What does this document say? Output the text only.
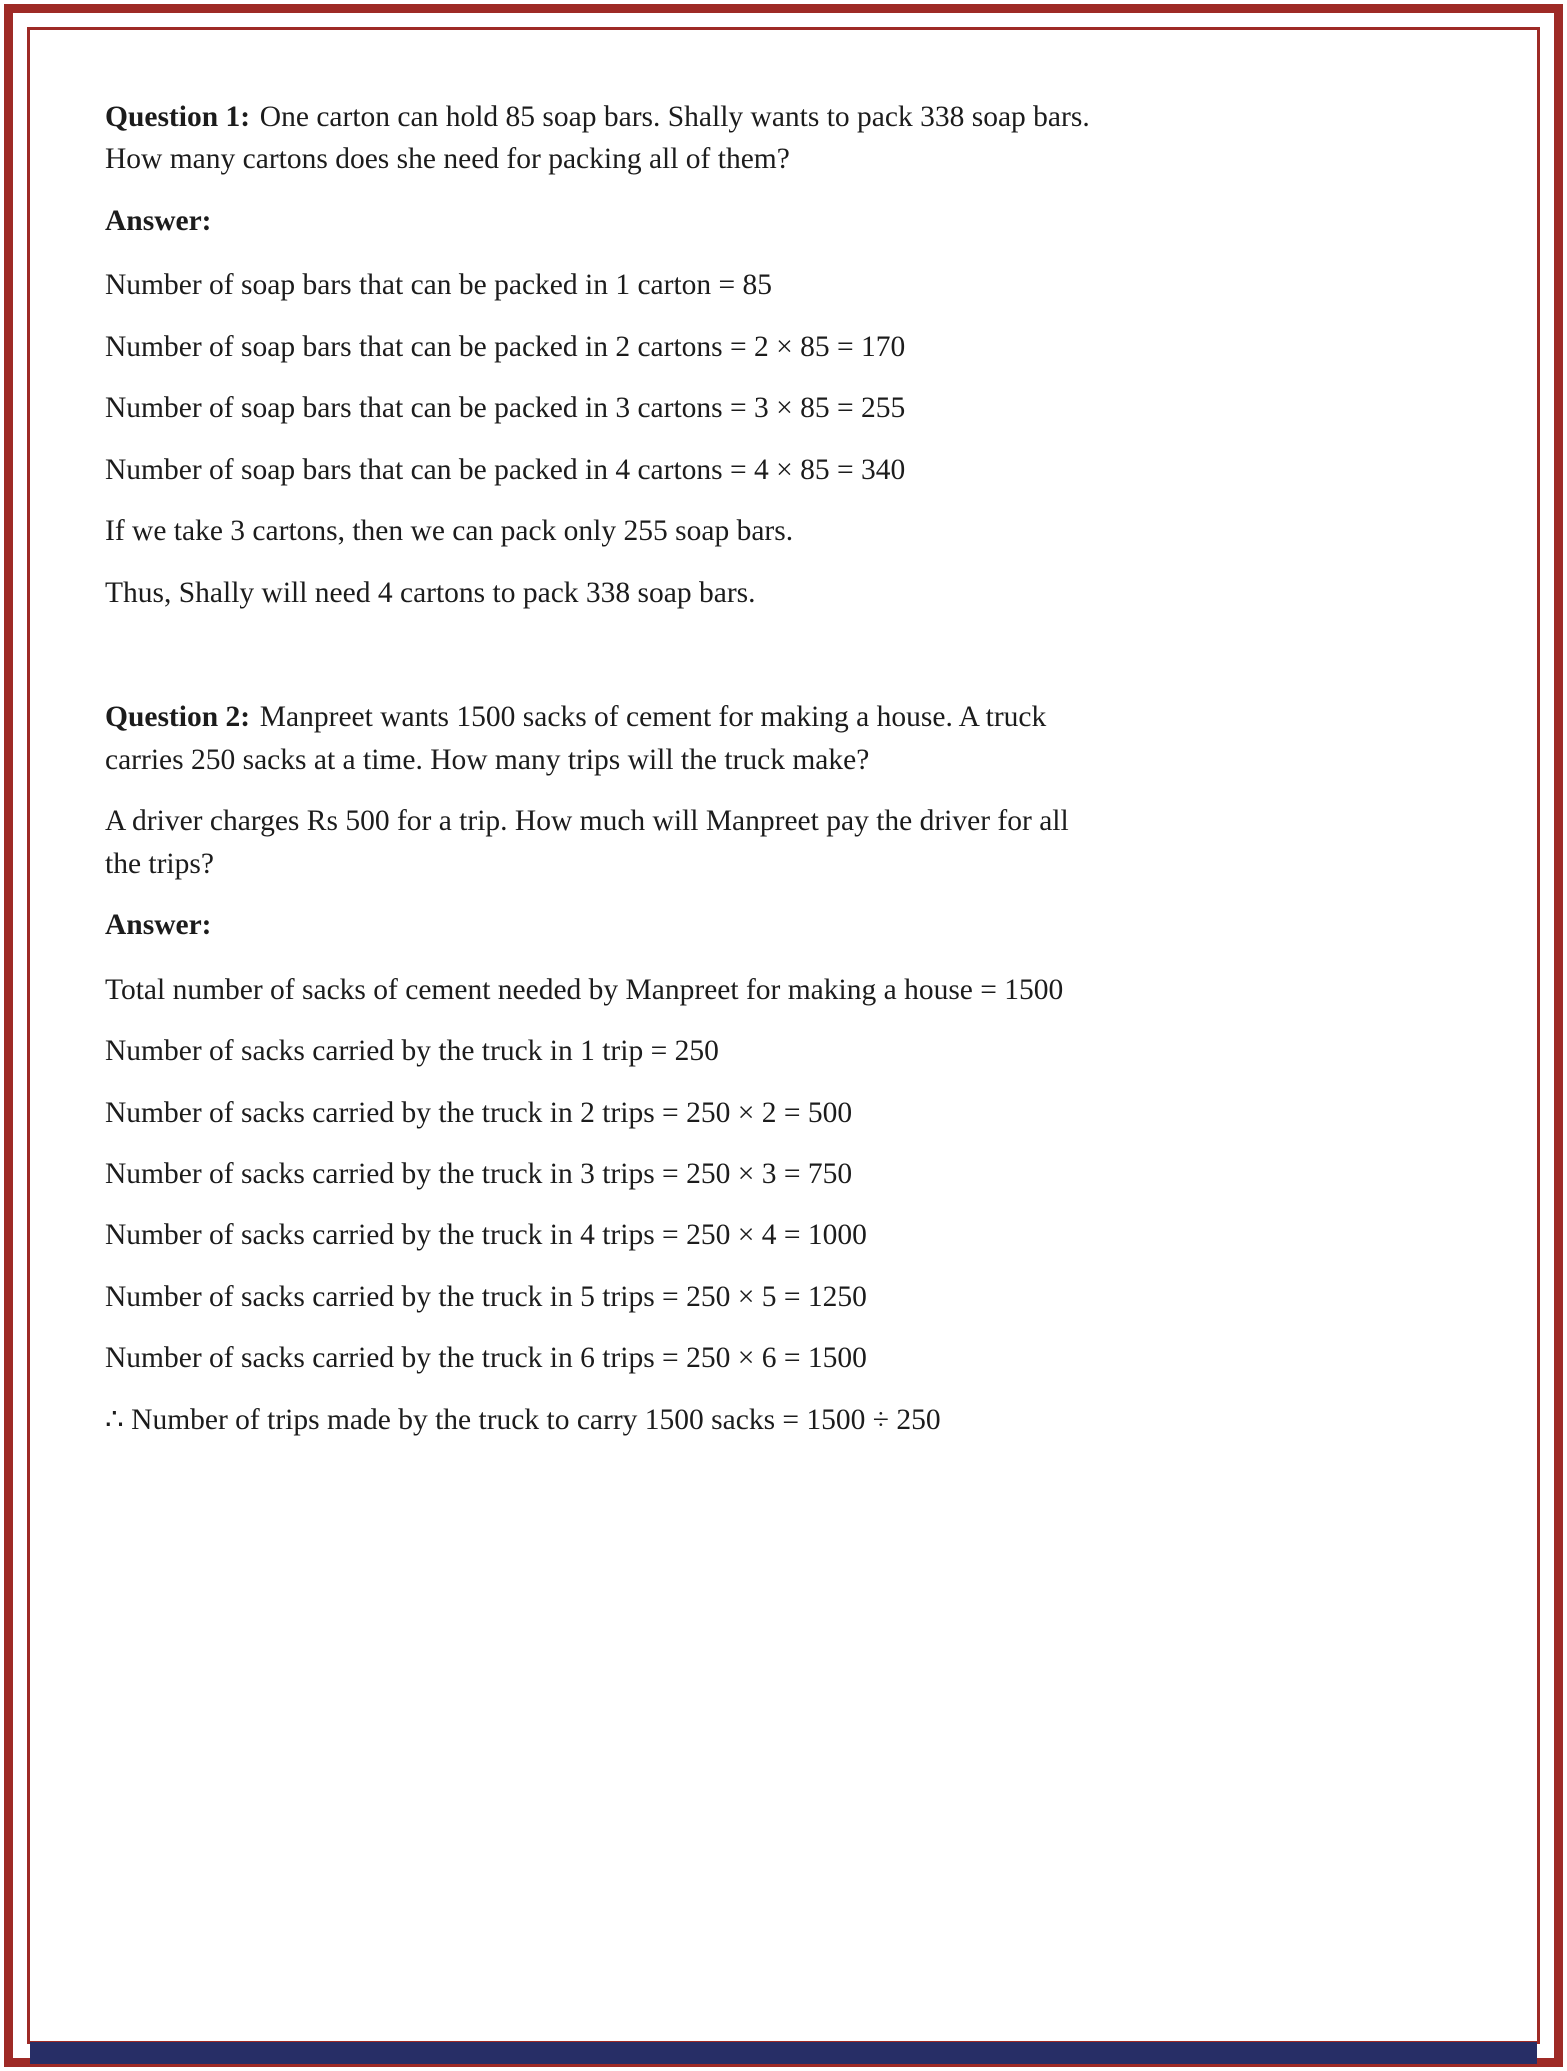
Question 1: One carton can hold 85 soap bars. Shally wants to pack 338 soap bars. How many cartons does she need for packing all of them?

Answer:

Number of soap bars that can be packed in 1 carton = 85

Number of soap bars that can be packed in 2 cartons = 2 × 85 = 170

Number of soap bars that can be packed in 3 cartons = 3 × 85 = 255

Number of soap bars that can be packed in 4 cartons = 4 × 85 = 340

If we take 3 cartons, then we can pack only 255 soap bars.

Thus, Shally will need 4 cartons to pack 338 soap bars.

Question 2: Manpreet wants 1500 sacks of cement for making a house. A truck carries 250 sacks at a time. How many trips will the truck make?

A driver charges Rs 500 for a trip. How much will Manpreet pay the driver for all the trips?

Answer:

Total number of sacks of cement needed by Manpreet for making a house = 1500

Number of sacks carried by the truck in 1 trip = 250

Number of sacks carried by the truck in 2 trips = 250 × 2 = 500

Number of sacks carried by the truck in 3 trips = 250 × 3 = 750

Number of sacks carried by the truck in 4 trips = 250 × 4 = 1000

Number of sacks carried by the truck in 5 trips = 250 × 5 = 1250

Number of sacks carried by the truck in 6 trips = 250 × 6 = 1500

∴ Number of trips made by the truck to carry 1500 sacks = 1500 ÷ 250
